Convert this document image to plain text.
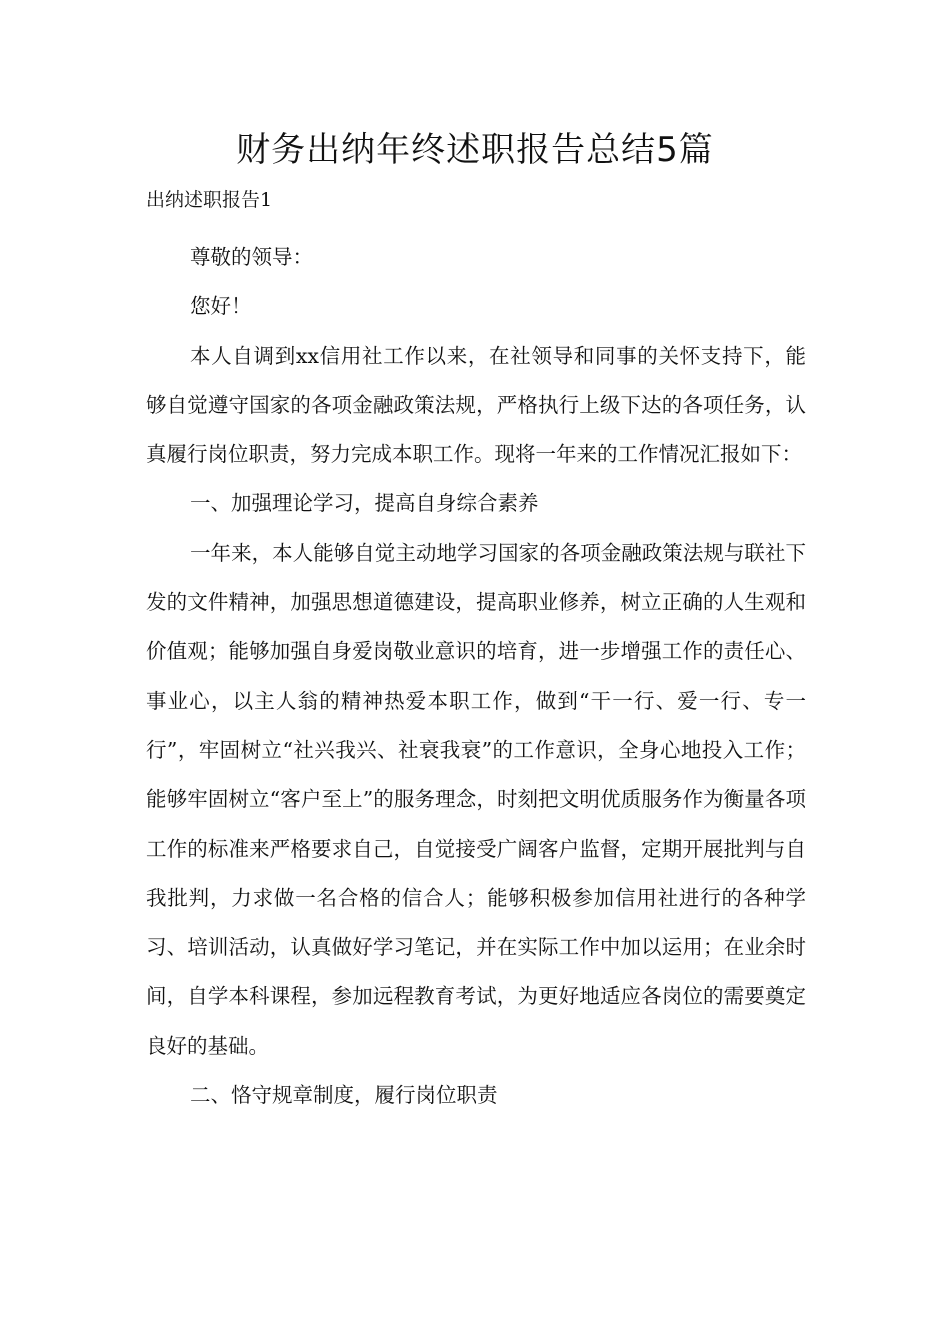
财务出纳年终述职报告总结5篇

出纳述职报告1

尊敬的领导：

您好！

本人自调到xx信用社工作以来，在社领导和同事的关怀支持下，能够自觉遵守国家的各项金融政策法规，严格执行上级下达的各项任务，认真履行岗位职责，努力完成本职工作。现将一年来的工作情况汇报如下：

一、加强理论学习，提高自身综合素养

一年来，本人能够自觉主动地学习国家的各项金融政策法规与联社下发的文件精神，加强思想道德建设，提高职业修养，树立正确的人生观和价值观；能够加强自身爱岗敬业意识的培育，进一步增强工作的责任心、事业心，以主人翁的精神热爱本职工作，做到“干一行、爱一行、专一行”，牢固树立“社兴我兴、社衰我衰”的工作意识，全身心地投入工作；能够牢固树立“客户至上”的服务理念，时刻把文明优质服务作为衡量各项工作的标准来严格要求自己，自觉接受广阔客户监督，定期开展批判与自我批判，力求做一名合格的信合人；能够积极参加信用社进行的各种学习、培训活动，认真做好学习笔记，并在实际工作中加以运用；在业余时间，自学本科课程，参加远程教育考试，为更好地适应各岗位的需要奠定良好的基础。

二、恪守规章制度，履行岗位职责
